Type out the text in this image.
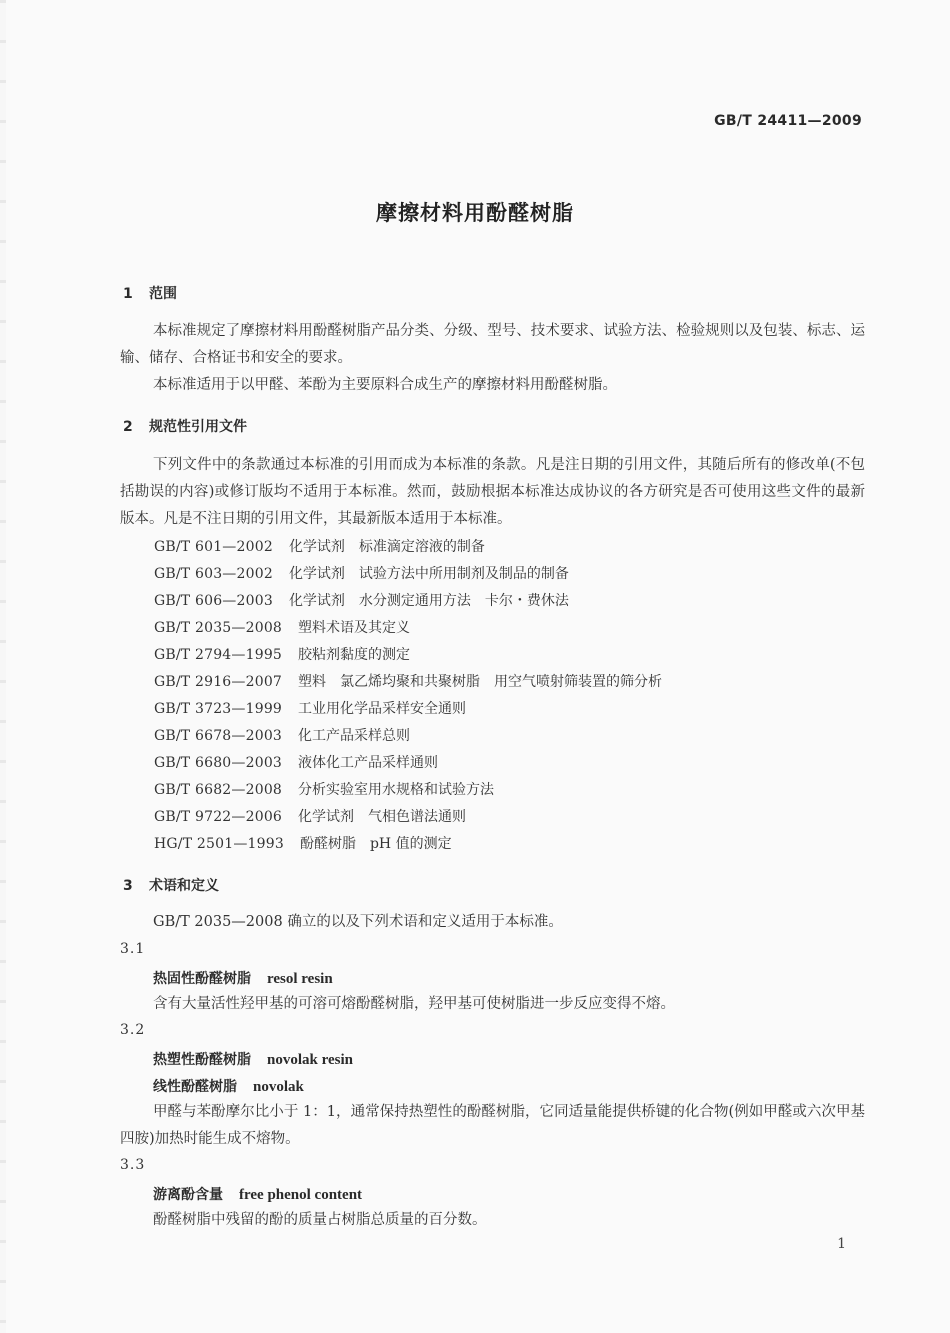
GB/T 24411—2009
摩擦材料用酚醛树脂
1 范围
本标准规定了摩擦材料用酚醛树脂产品分类、分级、型号、技术要求、试验方法、检验规则以及包装、标志、运输、储存、合格证书和安全的要求。
本标准适用于以甲醛、苯酚为主要原料合成生产的摩擦材料用酚醛树脂。
2 规范性引用文件
下列文件中的条款通过本标准的引用而成为本标准的条款。凡是注日期的引用文件，其随后所有的修改单(不包括勘误的内容)或修订版均不适用于本标准。然而，鼓励根据本标准达成协议的各方研究是否可使用这些文件的最新版本。凡是不注日期的引用文件，其最新版本适用于本标准。
GB/T 601—2002 化学试剂　标准滴定溶液的制备
GB/T 603—2002 化学试剂　试验方法中所用制剂及制品的制备
GB/T 606—2003 化学试剂　水分测定通用方法　卡尔・费休法
GB/T 2035—2008 塑料术语及其定义
GB/T 2794—1995 胶粘剂黏度的测定
GB/T 2916—2007 塑料　氯乙烯均聚和共聚树脂　用空气喷射筛装置的筛分析
GB/T 3723—1999 工业用化学品采样安全通则
GB/T 6678—2003 化工产品采样总则
GB/T 6680—2003 液体化工产品采样通则
GB/T 6682—2008 分析实验室用水规格和试验方法
GB/T 9722—2006 化学试剂　气相色谱法通则
HG/T 2501—1993 酚醛树脂　pH 值的测定
3 术语和定义
GB/T 2035—2008 确立的以及下列术语和定义适用于本标准。
3.1
热固性酚醛树脂 resol resin
含有大量活性羟甲基的可溶可熔酚醛树脂，羟甲基可使树脂进一步反应变得不熔。
3.2
热塑性酚醛树脂 novolak resin
线性酚醛树脂 novolak
甲醛与苯酚摩尔比小于 1：1，通常保持热塑性的酚醛树脂，它同适量能提供桥键的化合物(例如甲醛或六次甲基四胺)加热时能生成不熔物。
3.3
游离酚含量 free phenol content
酚醛树脂中残留的酚的质量占树脂总质量的百分数。
1
